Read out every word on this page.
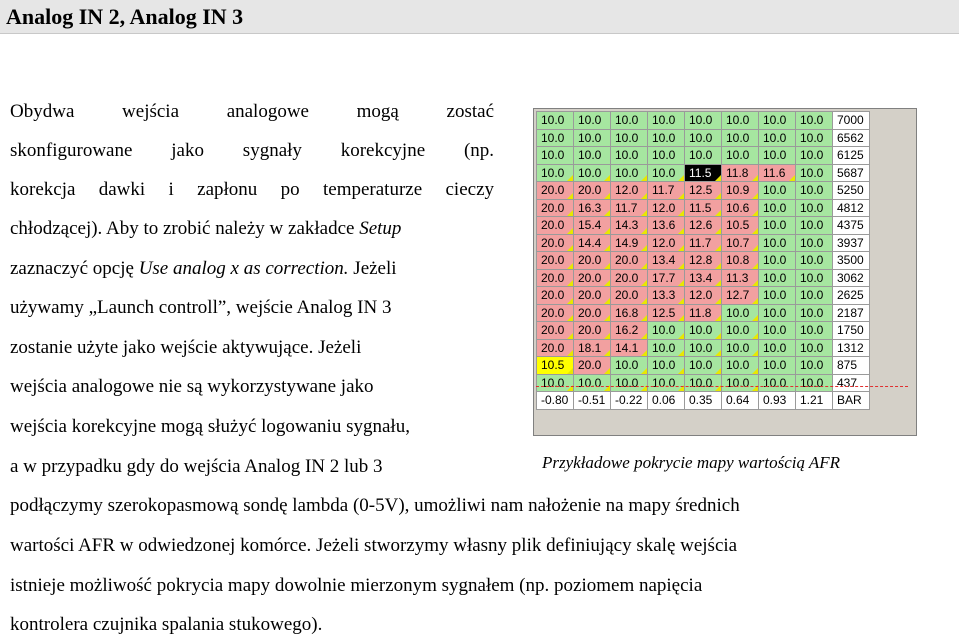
Analog IN 2, Analog IN 3
Obydwa	wejścia	analogowe	mogą	zostać
skonfigurowane jako sygnały korekcyjne (np.
korekcja dawki i zapłonu po temperaturze cieczy
chłodzącej). Aby to zrobić należy w zakładce Setup
zaznaczyć opcję Use analog x as correction. Jeżeli
używamy „Launch controll”, wejście Analog IN 3
zostanie użyte jako wejście aktywujące. Jeżeli
wejścia analogowe nie są wykorzystywane jako
wejścia korekcyjne mogą służyć logowaniu sygnału,
a w przypadku gdy do wejścia Analog IN 2 lub 3
podłączymy szerokopasmową sondę lambda (0-5V), umożliwi nam nałożenie na mapy średnich
wartości AFR w odwiedzonej komórce. Jeżeli stworzymy własny plik definiujący skalę wejścia
istnieje możliwość pokrycia mapy dowolnie mierzonym sygnałem (np. poziomem napięcia
kontrolera czujnika spalania stukowego).
10.0	10.0	10.0	10.0	10.0	10.0	10.0	10.0	7000
10.0	10.0	10.0	10.0	10.0	10.0	10.0	10.0	6562
10.0	10.0	10.0	10.0	10.0	10.0	10.0	10.0	6125
10.0	10.0	10.0	10.0	11.5	11.8	11.6	10.0	5687
20.0	20.0	12.0	11.7	12.5	10.9	10.0	10.0	5250
20.0	16.3	11.7	12.0	11.5	10.6	10.0	10.0	4812
20.0	15.4	14.3	13.6	12.6	10.5	10.0	10.0	4375
20.0	14.4	14.9	12.0	11.7	10.7	10.0	10.0	3937
20.0	20.0	20.0	13.4	12.8	10.8	10.0	10.0	3500
20.0	20.0	20.0	17.7	13.4	11.3	10.0	10.0	3062
20.0	20.0	20.0	13.3	12.0	12.7	10.0	10.0	2625
20.0	20.0	16.8	12.5	11.8	10.0	10.0	10.0	2187
20.0	20.0	16.2	10.0	10.0	10.0	10.0	10.0	1750
20.0	18.1	14.1	10.0	10.0	10.0	10.0	10.0	1312
10.5	20.0	10.0	10.0	10.0	10.0	10.0	10.0	875
10.0	10.0	10.0	10.0	10.0	10.0	10.0	10.0	437
-0.80	-0.51	-0.22	0.06	0.35	0.64	0.93	1.21	BAR
Przykładowe pokrycie mapy wartością AFR
